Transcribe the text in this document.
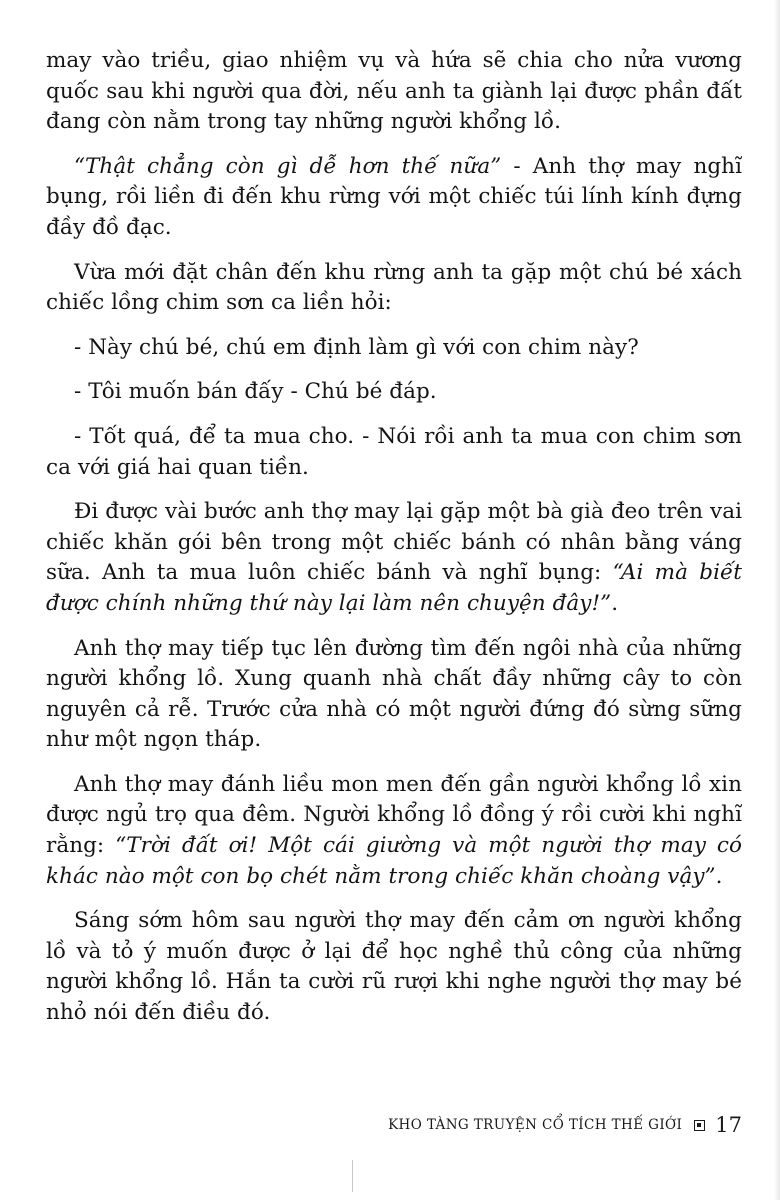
may vào triều, giao nhiệm vụ và hứa sẽ chia cho nửa vương quốc sau khi người qua đời, nếu anh ta giành lại được phần đất đang còn nằm trong tay những người khổng lồ.

“Thật chẳng còn gì dễ hơn thế nữa” - Anh thợ may nghĩ bụng, rồi liền đi đến khu rừng với một chiếc túi lính kính đựng đầy đồ đạc.

Vừa mới đặt chân đến khu rừng anh ta gặp một chú bé xách chiếc lồng chim sơn ca liền hỏi:

- Này chú bé, chú em định làm gì với con chim này?

- Tôi muốn bán đấy - Chú bé đáp.

- Tốt quá, để ta mua cho. - Nói rồi anh ta mua con chim sơn ca với giá hai quan tiền.

Đi được vài bước anh thợ may lại gặp một bà già đeo trên vai chiếc khăn gói bên trong một chiếc bánh có nhân bằng váng sữa. Anh ta mua luôn chiếc bánh và nghĩ bụng: “Ai mà biết được chính những thứ này lại làm nên chuyện đây!”.

Anh thợ may tiếp tục lên đường tìm đến ngôi nhà của những người khổng lồ. Xung quanh nhà chất đầy những cây to còn nguyên cả rễ. Trước cửa nhà có một người đứng đó sừng sững như một ngọn tháp.

Anh thợ may đánh liều mon men đến gần người khổng lồ xin được ngủ trọ qua đêm. Người khổng lồ đồng ý rồi cười khi nghĩ rằng: “Trời đất ơi! Một cái giường và một người thợ may có khác nào một con bọ chét nằm trong chiếc khăn choàng vậy”.

Sáng sớm hôm sau người thợ may đến cảm ơn người khổng lồ và tỏ ý muốn được ở lại để học nghề thủ công của những người khổng lồ. Hắn ta cười rũ rượi khi nghe người thợ may bé nhỏ nói đến điều đó.

KHO TÀNG TRUYỆN CỔ TÍCH THẾ GIỚI 17
